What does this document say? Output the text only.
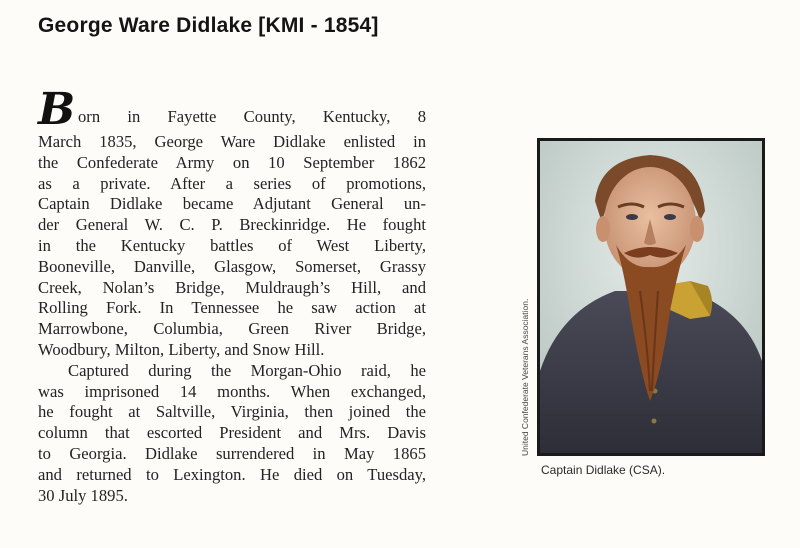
George Ware Didlake [KMI - 1854]
B orn in Fayette County, Kentucky, 8
March 1835, George Ware Didlake enlisted in
the Confederate Army on 10 September 1862
as a private. After a series of promotions,
Captain Didlake became Adjutant General un-
der General W. C. P. Breckinridge. He fought
in the Kentucky battles of West Liberty,
Booneville, Danville, Glasgow, Somerset, Grassy
Creek, Nolan’s Bridge, Muldraugh’s Hill, and
Rolling Fork. In Tennessee he saw action at
Marrowbone, Columbia, Green River Bridge,
Woodbury, Milton, Liberty, and Snow Hill.
Captured during the Morgan-Ohio raid, he
was imprisoned 14 months. When exchanged,
he fought at Saltville, Virginia, then joined the
column that escorted President and Mrs. Davis
to Georgia. Didlake surrendered in May 1865
and returned to Lexington. He died on Tuesday,
30 July 1895.
United Confederate Veterans Association.
Captain Didlake (CSA).
